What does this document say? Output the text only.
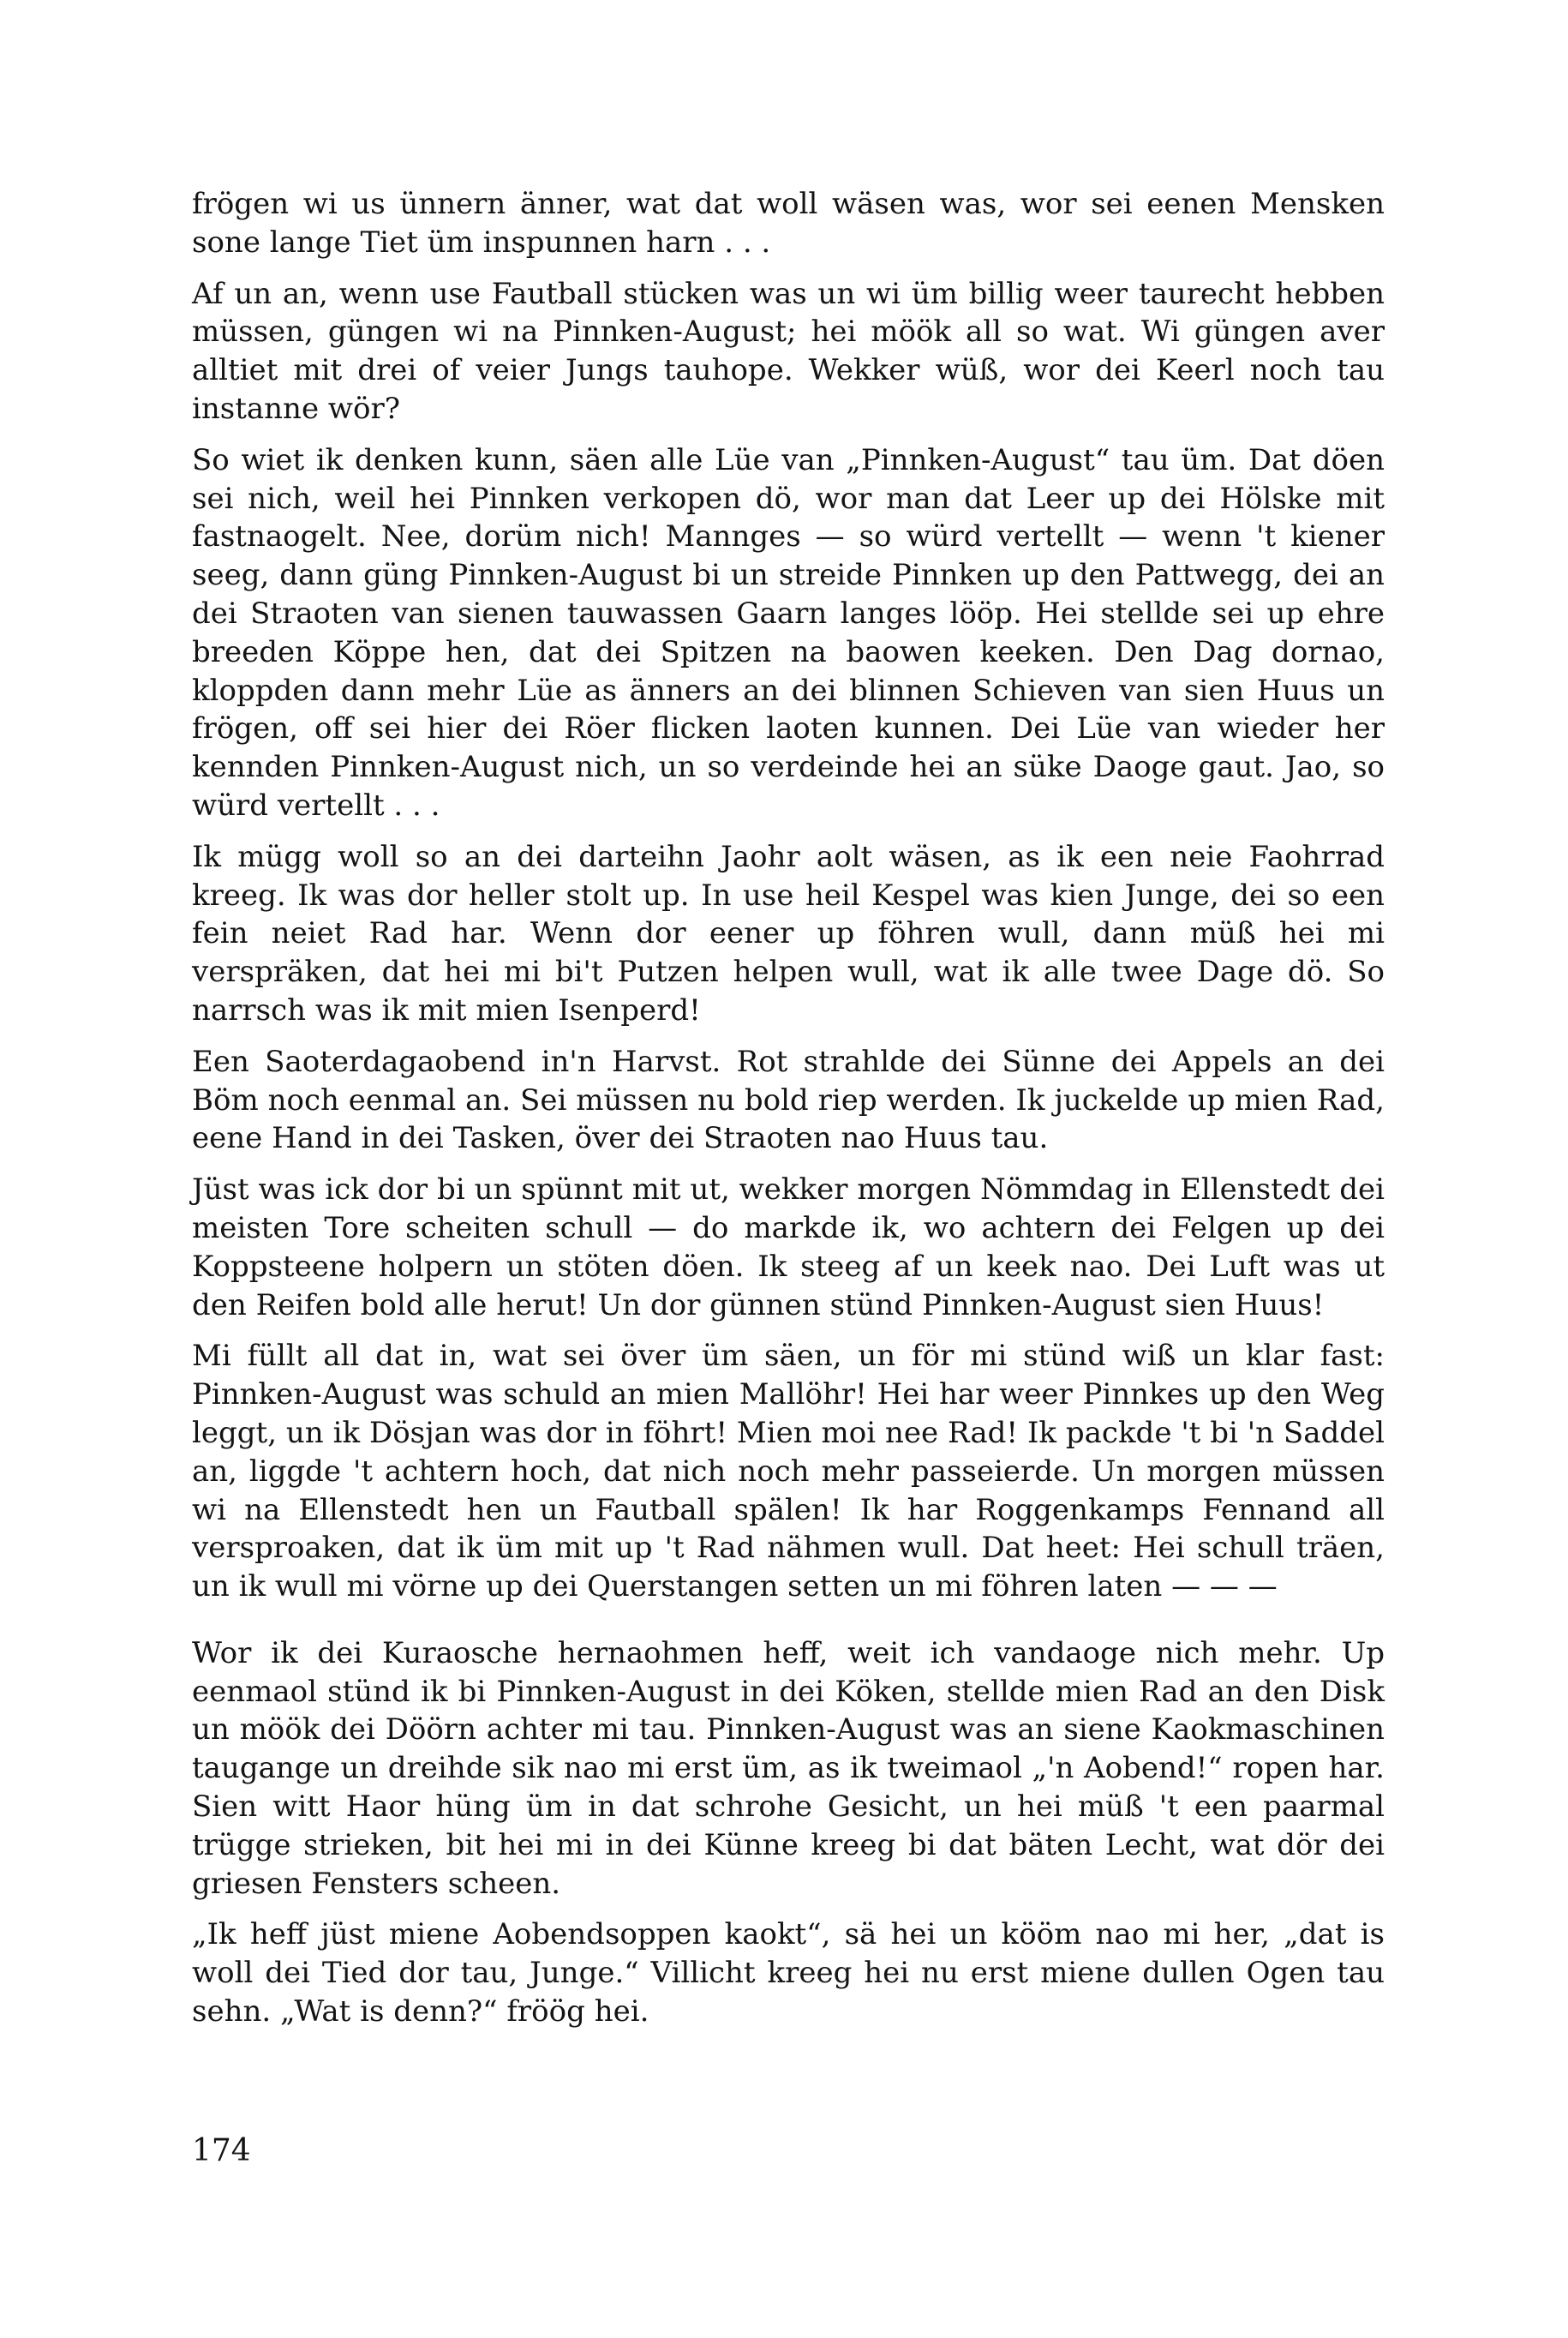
frögen wi us ünnern änner, wat dat woll wäsen was, wor sei eenen Mensken sone lange Tiet üm inspunnen harn . . .

Af un an, wenn use Fautball stücken was un wi üm billig weer taurecht hebben müssen, güngen wi na Pinnken-August; hei möök all so wat. Wi güngen aver alltiet mit drei of veier Jungs tauhope. Wekker wüß, wor dei Keerl noch tau instanne wör?

So wiet ik denken kunn, säen alle Lüe van „Pinnken-August“ tau üm. Dat döen sei nich, weil hei Pinnken verkopen dö, wor man dat Leer up dei Hölske mit fastnaogelt. Nee, dorüm nich! Mannges — so würd vertellt — wenn 't kiener seeg, dann güng Pinnken-August bi un streide Pinnken up den Pattwegg, dei an dei Straoten van sienen tauwassen Gaarn langes lööp. Hei stellde sei up ehre breeden Köppe hen, dat dei Spitzen na baowen keeken. Den Dag dornao, kloppden dann mehr Lüe as änners an dei blinnen Schieven van sien Huus un frögen, off sei hier dei Röer flicken laoten kunnen. Dei Lüe van wieder her kennden Pinnken-August nich, un so verdeinde hei an süke Daoge gaut. Jao, so würd vertellt . . .

Ik mügg woll so an dei darteihn Jaohr aolt wäsen, as ik een neie Faohrrad kreeg. Ik was dor heller stolt up. In use heil Kespel was kien Junge, dei so een fein neiet Rad har. Wenn dor eener up föhren wull, dann müß hei mi verspräken, dat hei mi bi't Putzen helpen wull, wat ik alle twee Dage dö. So narrsch was ik mit mien Isenperd!

Een Saoterdagaobend in'n Harvst. Rot strahlde dei Sünne dei Appels an dei Böm noch eenmal an. Sei müssen nu bold riep werden. Ik juckelde up mien Rad, eene Hand in dei Tasken, över dei Straoten nao Huus tau.

Jüst was ick dor bi un spünnt mit ut, wekker morgen Nömmdag in Ellenstedt dei meisten Tore scheiten schull — do markde ik, wo achtern dei Felgen up dei Koppsteene holpern un stöten döen. Ik steeg af un keek nao. Dei Luft was ut den Reifen bold alle herut! Un dor günnen stünd Pinnken-August sien Huus!

Mi füllt all dat in, wat sei över üm säen, un för mi stünd wiß un klar fast: Pinnken-August was schuld an mien Mallöhr! Hei har weer Pinnkes up den Weg leggt, un ik Dösjan was dor in föhrt! Mien moi nee Rad! Ik packde 't bi 'n Saddel an, liggde 't achtern hoch, dat nich noch mehr passeierde. Un morgen müssen wi na Ellenstedt hen un Fautball spälen! Ik har Roggenkamps Fennand all versproaken, dat ik üm mit up 't Rad nähmen wull. Dat heet: Hei schull träen, un ik wull mi vörne up dei Querstangen setten un mi föhren laten — — —

Wor ik dei Kuraosche hernaohmen heff, weit ich vandaoge nich mehr. Up eenmaol stünd ik bi Pinnken-August in dei Köken, stellde mien Rad an den Disk un möök dei Döörn achter mi tau. Pinnken-August was an siene Kaokmaschinen taugange un dreihde sik nao mi erst üm, as ik tweimaol „'n Aobend!“ ropen har. Sien witt Haor hüng üm in dat schrohe Gesicht, un hei müß 't een paarmal trügge strieken, bit hei mi in dei Künne kreeg bi dat bäten Lecht, wat dör dei griesen Fensters scheen.

„Ik heff jüst miene Aobendsoppen kaokt“, sä hei un kööm nao mi her, „dat is woll dei Tied dor tau, Junge.“ Villicht kreeg hei nu erst miene dullen Ogen tau sehn. „Wat is denn?“ fröög hei.

174
